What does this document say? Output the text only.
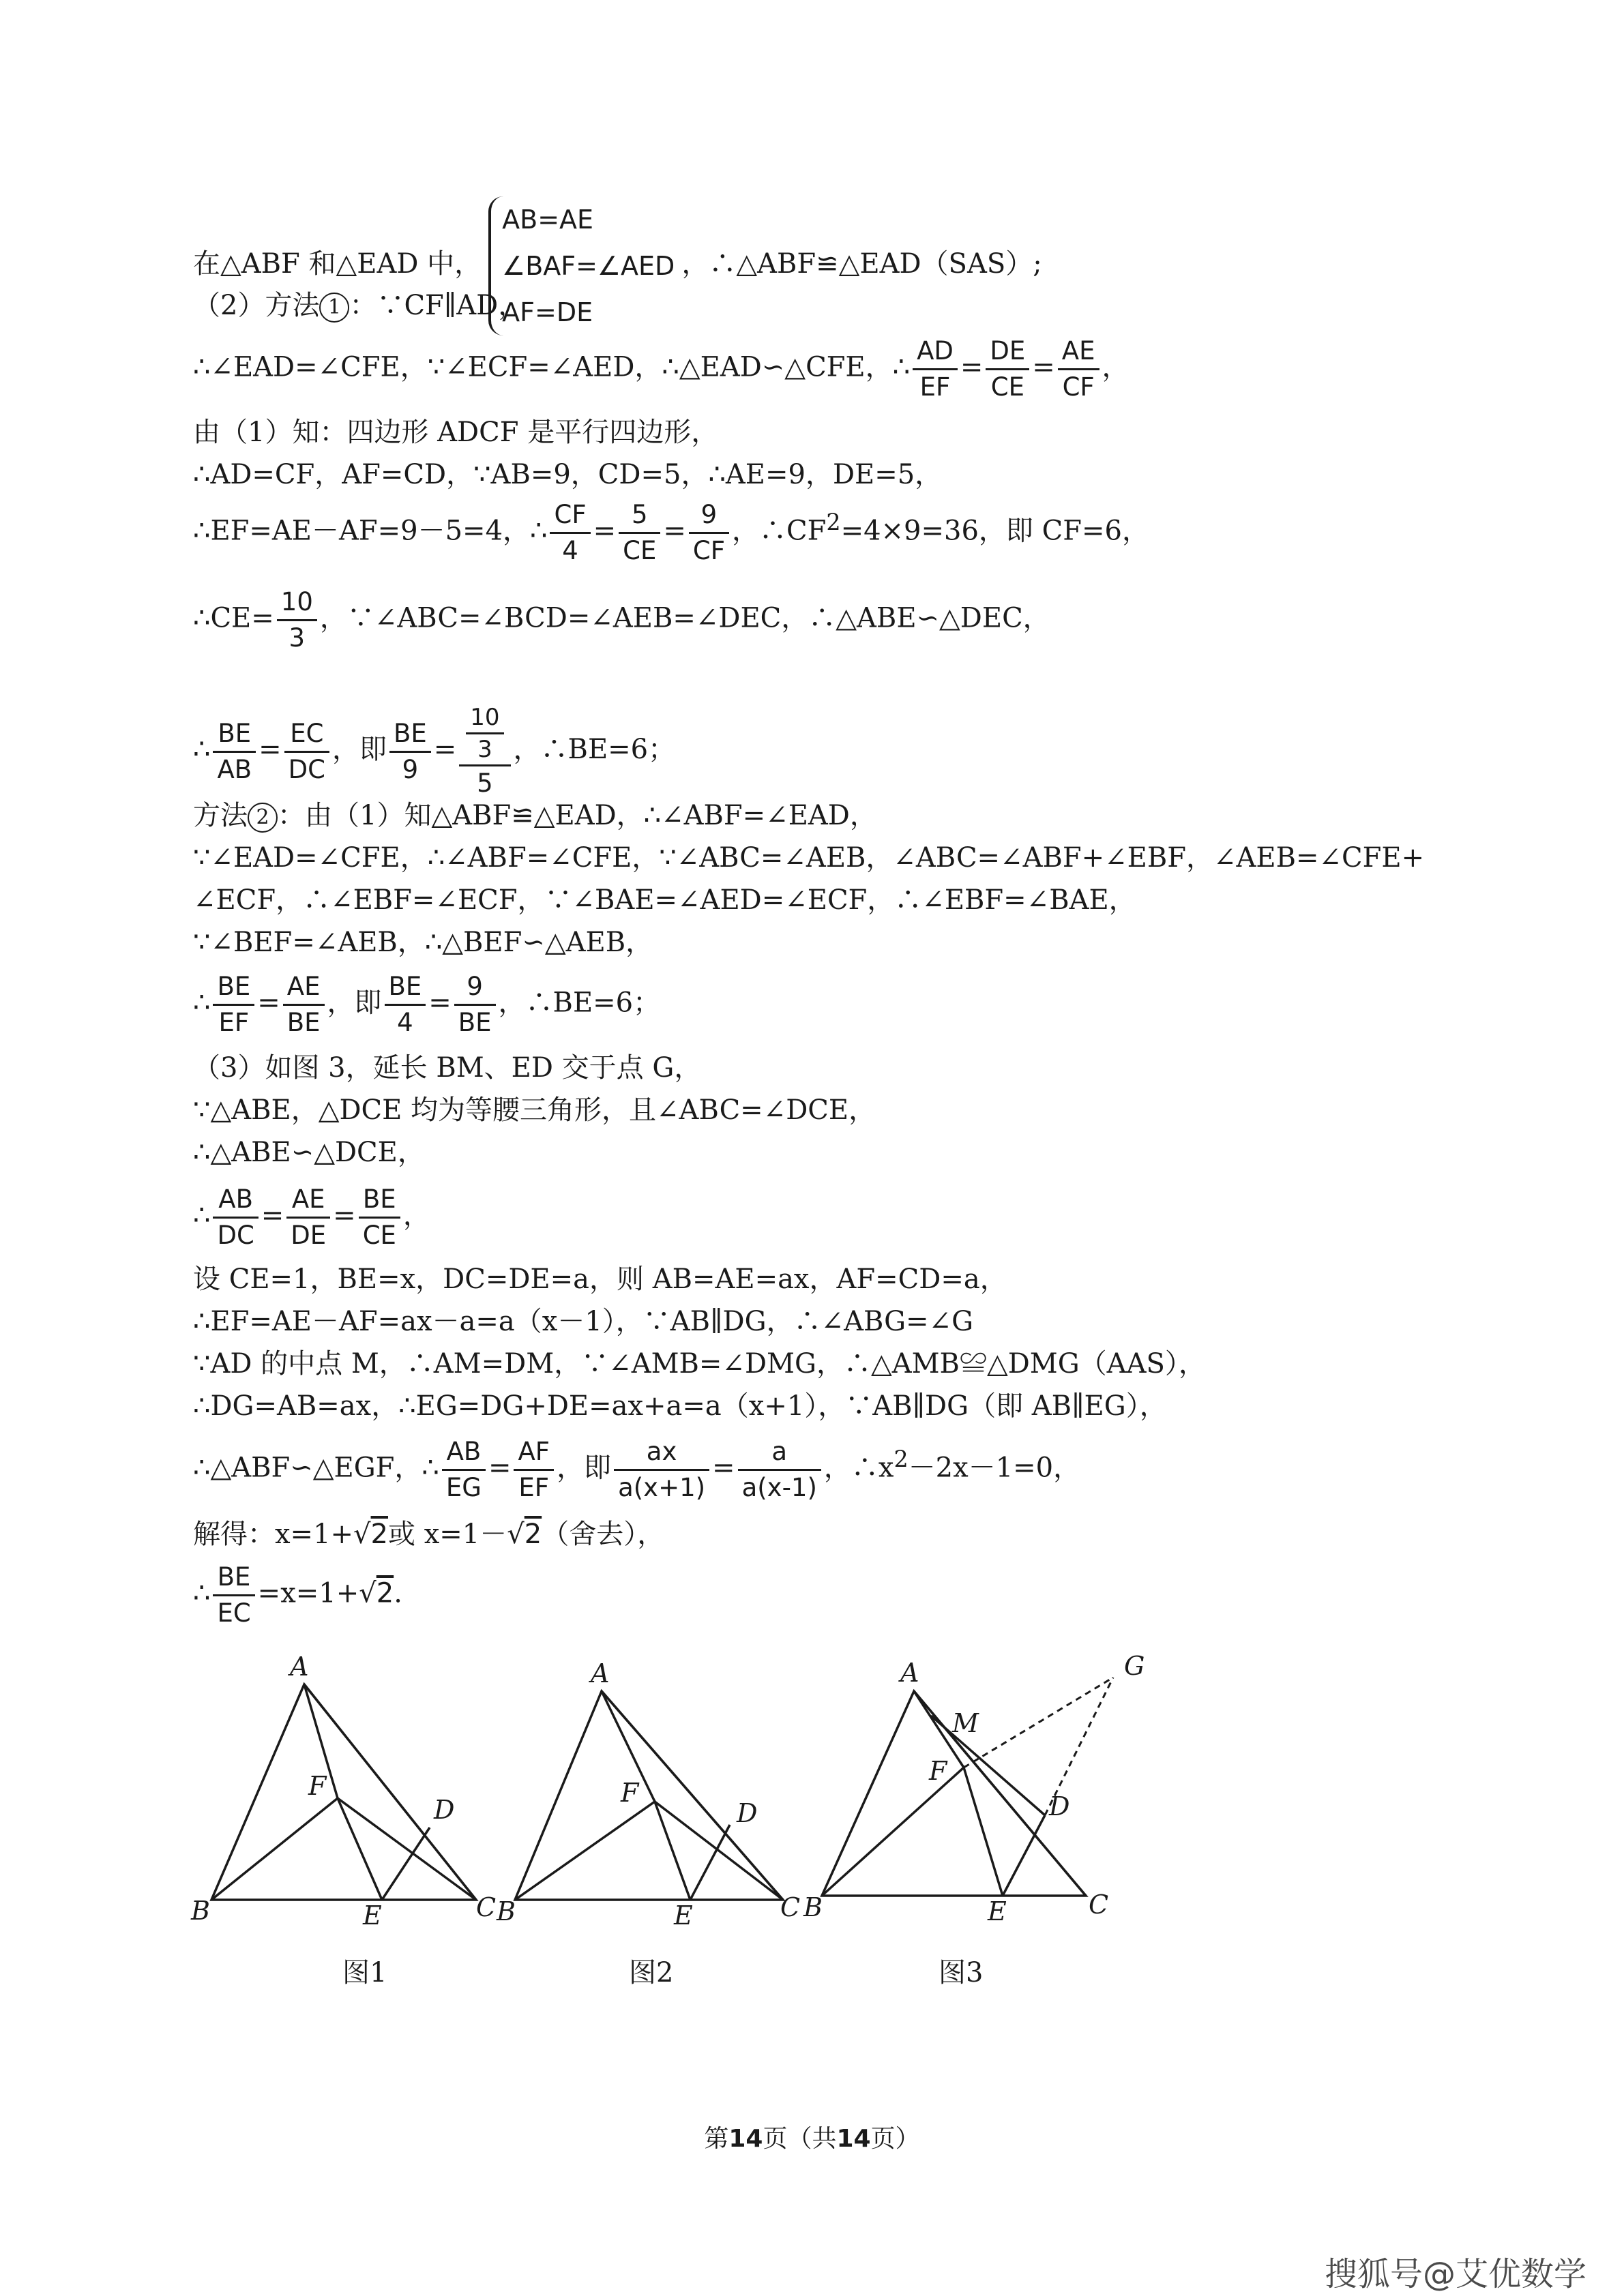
在△ABF 和△EAD 中，
AB=AE
∠BAF=∠AED
AF=DE
，∴△ABF≌△EAD（SAS）;
（2）方法 1 ：∵CF∥AD，
∴∠EAD=∠CFE，∵∠ECF=∠AED，∴△EAD∽△CFE，∴ $\frac{AD}{EF} = \frac{DE}{CE} = \frac{AE}{CF}$ ，
由（1）知：四边形 ADCF 是平行四边形，
∴AD=CF，AF=CD，∵AB=9，CD=5，∴AE=9，DE=5，
∴EF=AE－AF=9－5=4，∴ $\frac{CF}{4} = \frac{5}{CE} = \frac{9}{CF}$ ，$\therefore CF^2=4\times 9=36$，即 CF=6，
∴CE= $\frac{10}{3}$ ，∵∠ABC=∠BCD=∠AEB=∠DEC，∴△ABE∽△DEC，
∴ $\frac{BE}{AB} = \frac{EC}{DC}$ ，即 $\frac{BE}{9} = \frac{\frac{10}{3}}{5}$ ，∴BE=6；
方法 2 ：由（1）知△ABF≌△EAD，∴∠ABF=∠EAD，
∵∠EAD=∠CFE，∴∠ABF=∠CFE，∵∠ABC=∠AEB，∠ABC=∠ABF+∠EBF，∠AEB=∠CFE+
∠ECF，∴∠EBF=∠ECF，∵∠BAE=∠AED=∠ECF，∴∠EBF=∠BAE，
∵∠BEF=∠AEB，∴△BEF∽△AEB，
∴ $\frac{BE}{EF} = \frac{AE}{BE}$ ，即 $\frac{BE}{4} = \frac{9}{BE}$ ，∴BE=6；
（3）如图 3，延长 BM、ED 交于点 G，
∵△ABE，△DCE 均为等腰三角形，且∠ABC=∠DCE，
∴△ABE∽△DCE，
∴ $\frac{AB}{DC} = \frac{AE}{DE} = \frac{BE}{CE}$ ，
设 CE=1，BE=x，DC=DE=a，则 AB=AE=ax，AF=CD=a，
∴EF=AE－AF=ax－a=a（x－1），∵AB∥DG，∴∠ABG=∠G
∵AD 的中点 M，∴AM=DM，∵∠AMB=∠DMG，∴△AMB≌△DMG（AAS），
∴DG=AB=ax，∴EG=DG+DE=ax+a=a（x+1），∵AB∥DG（即 AB∥EG），
∴△ABF∽△EGF，∴ $\frac{AB}{EG} = \frac{AF}{EF}$ ，即 $\frac{ax}{a(x+1)} = \frac{a}{a(x-1)}$ ，$\therefore x^2-2x-1=0$，
解得：x=1+√2或 x=1－√2（舍去），
∴ $\frac{BE}{EC} =x=1+√2$.
A
B	C
D
E
F
图1
A
B	C
D
E
F
图2
A
B	C
D
E
F
G
M
图3
第14页（共14页）
搜狐号@艾优数学
